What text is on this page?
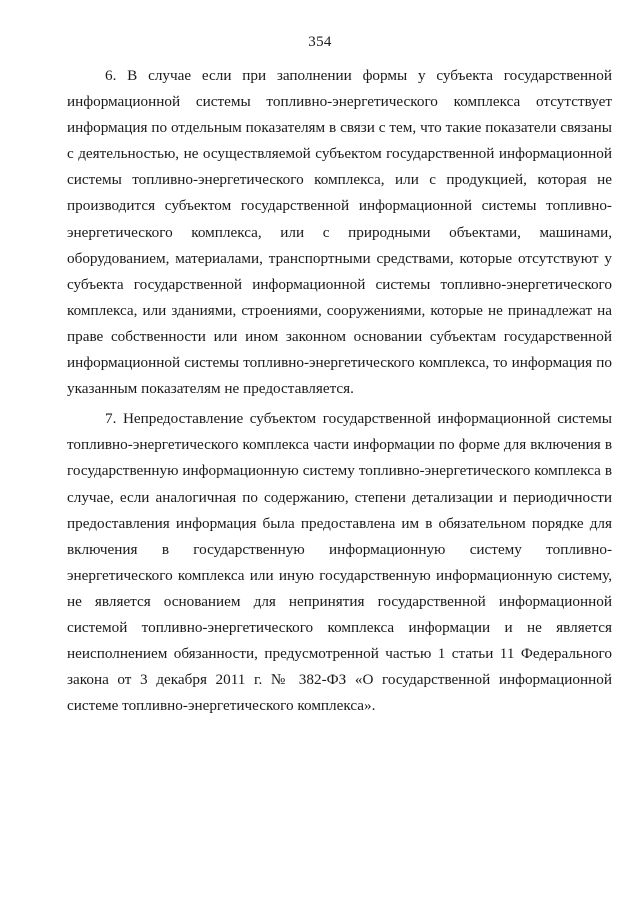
354

6. В случае если при заполнении формы у субъекта государственной информационной системы топливно-энергетического комплекса отсутствует информация по отдельным показателям в связи с тем, что такие показатели связаны с деятельностью, не осуществляемой субъектом государственной информационной системы топливно-энергетического комплекса, или с продукцией, которая не производится субъектом государственной информационной системы топливно-энергетического комплекса, или с природными объектами, машинами, оборудованием, материалами, транспортными средствами, которые отсутствуют у субъекта государственной информационной системы топливно-энергетического комплекса, или зданиями, строениями, сооружениями, которые не принадлежат на праве собственности или ином законном основании субъектам государственной информационной системы топливно-энергетического комплекса, то информация по указанным показателям не предоставляется.

7. Непредоставление субъектом государственной информационной системы топливно-энергетического комплекса части информации по форме для включения в государственную информационную систему топливно-энергетического комплекса в случае, если аналогичная по содержанию, степени детализации и периодичности предоставления информация была предоставлена им в обязательном порядке для включения в государственную информационную систему топливно-энергетического комплекса или иную государственную информационную систему, не является основанием для непринятия государственной информационной системой топливно-энергетического комплекса информации и не является неисполнением обязанности, предусмотренной частью 1 статьи 11 Федерального закона от 3 декабря 2011 г. № 382-ФЗ «О государственной информационной системе топливно-энергетического комплекса».
